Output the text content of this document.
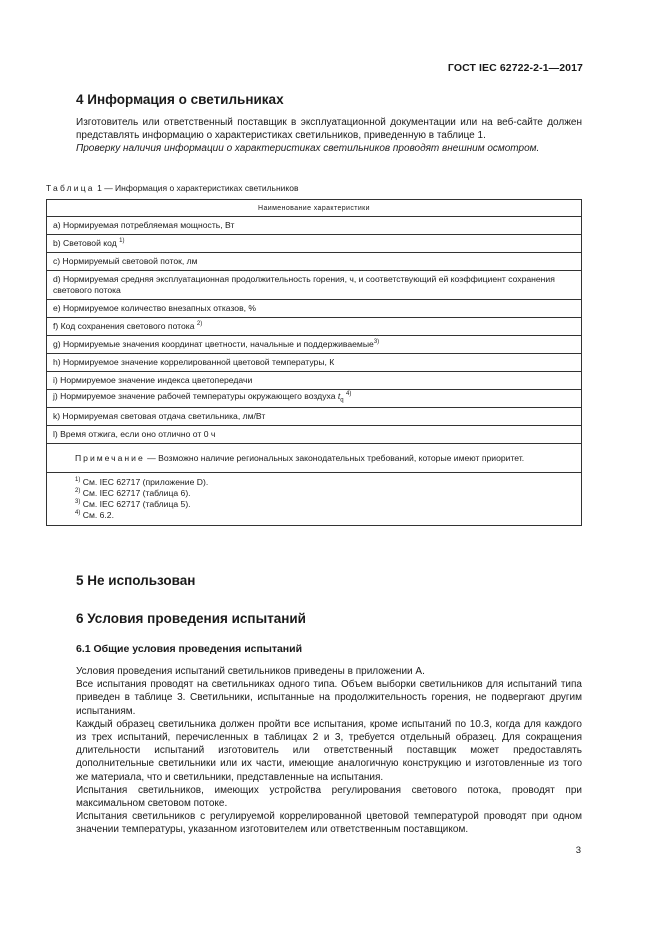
ГОСТ IEC 62722-2-1—2017
4 Информация о светильниках

Изготовитель или ответственный поставщик в эксплуатационной документации или на веб-сайте должен представлять информацию о характеристиках светильников, приведенную в таблице 1.

Проверку наличия информации о характеристиках светильников проводят внешним осмотром.

Таблица 1 — Информация о характеристиках светильников
Наименование характеристики
a) Нормируемая потребляемая мощность, Вт
b) Световой код $^{1)}$
c) Нормируемый световой поток, лм
d) Нормируемая средняя эксплуатационная продолжительность горения, ч, и соответствующий ей коэффициент сохранения светового потока
e) Нормируемое количество внезапных отказов, %
f) Код сохранения светового потока $^{2)}$
g) Нормируемые значения координат цветности, начальные и поддерживаемые$^{3)}$
h) Нормируемое значение коррелированной цветовой температуры, К
i) Нормируемое значение индекса цветопередачи
j) Нормируемое значение рабочей температуры окружающего воздуха $t_q$ $^{4)}$
k) Нормируемая световая отдача светильника, лм/Вт
l) Время отжига, если оно отлично от 0 ч
Примечание — Возможно наличие региональных законодательных требований, которые имеют приоритет.

$^{1)}$ См. IEC 62717 (приложение D).
$^{2)}$ См. IEC 62717 (таблица 6).
$^{3)}$ См. IEC 62717 (таблица 5).
$^{4)}$ См. 6.2.
5 Не использован
6 Условия проведения испытаний
6.1 Общие условия проведения испытаний

Условия проведения испытаний светильников приведены в приложении А.

Все испытания проводят на светильниках одного типа. Объем выборки светильников для испытаний типа приведен в таблице 3. Светильники, испытанные на продолжительность горения, не подвергают другим испытаниям.

Каждый образец светильника должен пройти все испытания, кроме испытаний по 10.3, когда для каждого из трех испытаний, перечисленных в таблицах 2 и 3, требуется отдельный образец. Для сокращения длительности испытаний изготовитель или ответственный поставщик может предоставлять дополнительные светильники или их части, имеющие аналогичную конструкцию и изготовленные из того же материала, что и светильники, представленные на испытания.

Испытания светильников, имеющих устройства регулирования светового потока, проводят при максимальном световом потоке.

Испытания светильников с регулируемой коррелированной цветовой температурой проводят при одном значении температуры, указанном изготовителем или ответственным поставщиком.

3
